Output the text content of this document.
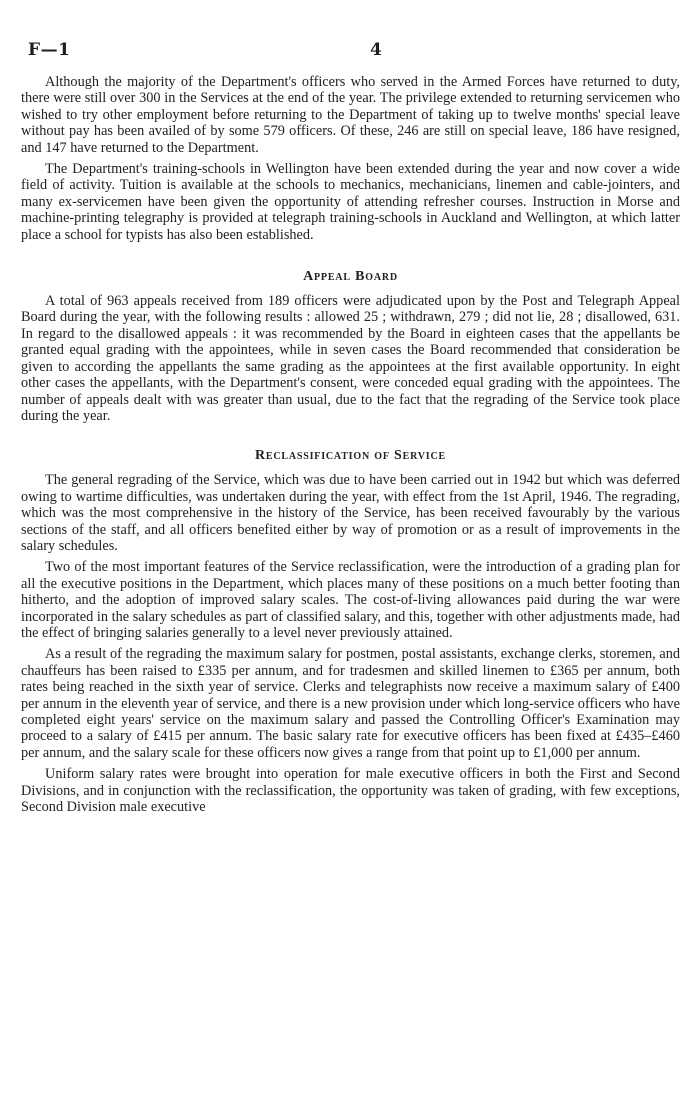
F—1	4

Although the majority of the Department's officers who served in the Armed Forces have returned to duty, there were still over 300 in the Services at the end of the year. The privilege extended to returning servicemen who wished to try other employment before returning to the Department of taking up to twelve months' special leave without pay has been availed of by some 579 officers. Of these, 246 are still on special leave, 186 have resigned, and 147 have returned to the Department.

The Department's training-schools in Wellington have been extended during the year and now cover a wide field of activity. Tuition is available at the schools to mechanics, mechanicians, linemen and cable-jointers, and many ex-servicemen have been given the opportunity of attending refresher courses. Instruction in Morse and machine-printing telegraphy is provided at telegraph training-schools in Auckland and Wellington, at which latter place a school for typists has also been established.

Appeal Board

A total of 963 appeals received from 189 officers were adjudicated upon by the Post and Telegraph Appeal Board during the year, with the following results : allowed 25 ; withdrawn, 279 ; did not lie, 28 ; disallowed, 631. In regard to the disallowed appeals : it was recommended by the Board in eighteen cases that the appellants be granted equal grading with the appointees, while in seven cases the Board recommended that consideration be given to according the appellants the same grading as the appointees at the first available opportunity. In eight other cases the appellants, with the Department's consent, were conceded equal grading with the appointees. The number of appeals dealt with was greater than usual, due to the fact that the regrading of the Service took place during the year.

Reclassification of Service

The general regrading of the Service, which was due to have been carried out in 1942 but which was deferred owing to wartime difficulties, was undertaken during the year, with effect from the 1st April, 1946. The regrading, which was the most comprehensive in the history of the Service, has been received favourably by the various sections of the staff, and all officers benefited either by way of promotion or as a result of improvements in the salary schedules.

Two of the most important features of the Service reclassification, were the introduction of a grading plan for all the executive positions in the Department, which places many of these positions on a much better footing than hitherto, and the adoption of improved salary scales. The cost-of-living allowances paid during the war were incorporated in the salary schedules as part of classified salary, and this, together with other adjustments made, had the effect of bringing salaries generally to a level never previously attained.

As a result of the regrading the maximum salary for postmen, postal assistants, exchange clerks, storemen, and chauffeurs has been raised to £335 per annum, and for tradesmen and skilled linemen to £365 per annum, both rates being reached in the sixth year of service. Clerks and telegraphists now receive a maximum salary of £400 per annum in the eleventh year of service, and there is a new provision under which long-service officers who have completed eight years' service on the maximum salary and passed the Controlling Officer's Examination may proceed to a salary of £415 per annum. The basic salary rate for executive officers has been fixed at £435–£460 per annum, and the salary scale for these officers now gives a range from that point up to £1,000 per annum.

Uniform salary rates were brought into operation for male executive officers in both the First and Second Divisions, and in conjunction with the reclassification, the opportunity was taken of grading, with few exceptions, Second Division male executive
